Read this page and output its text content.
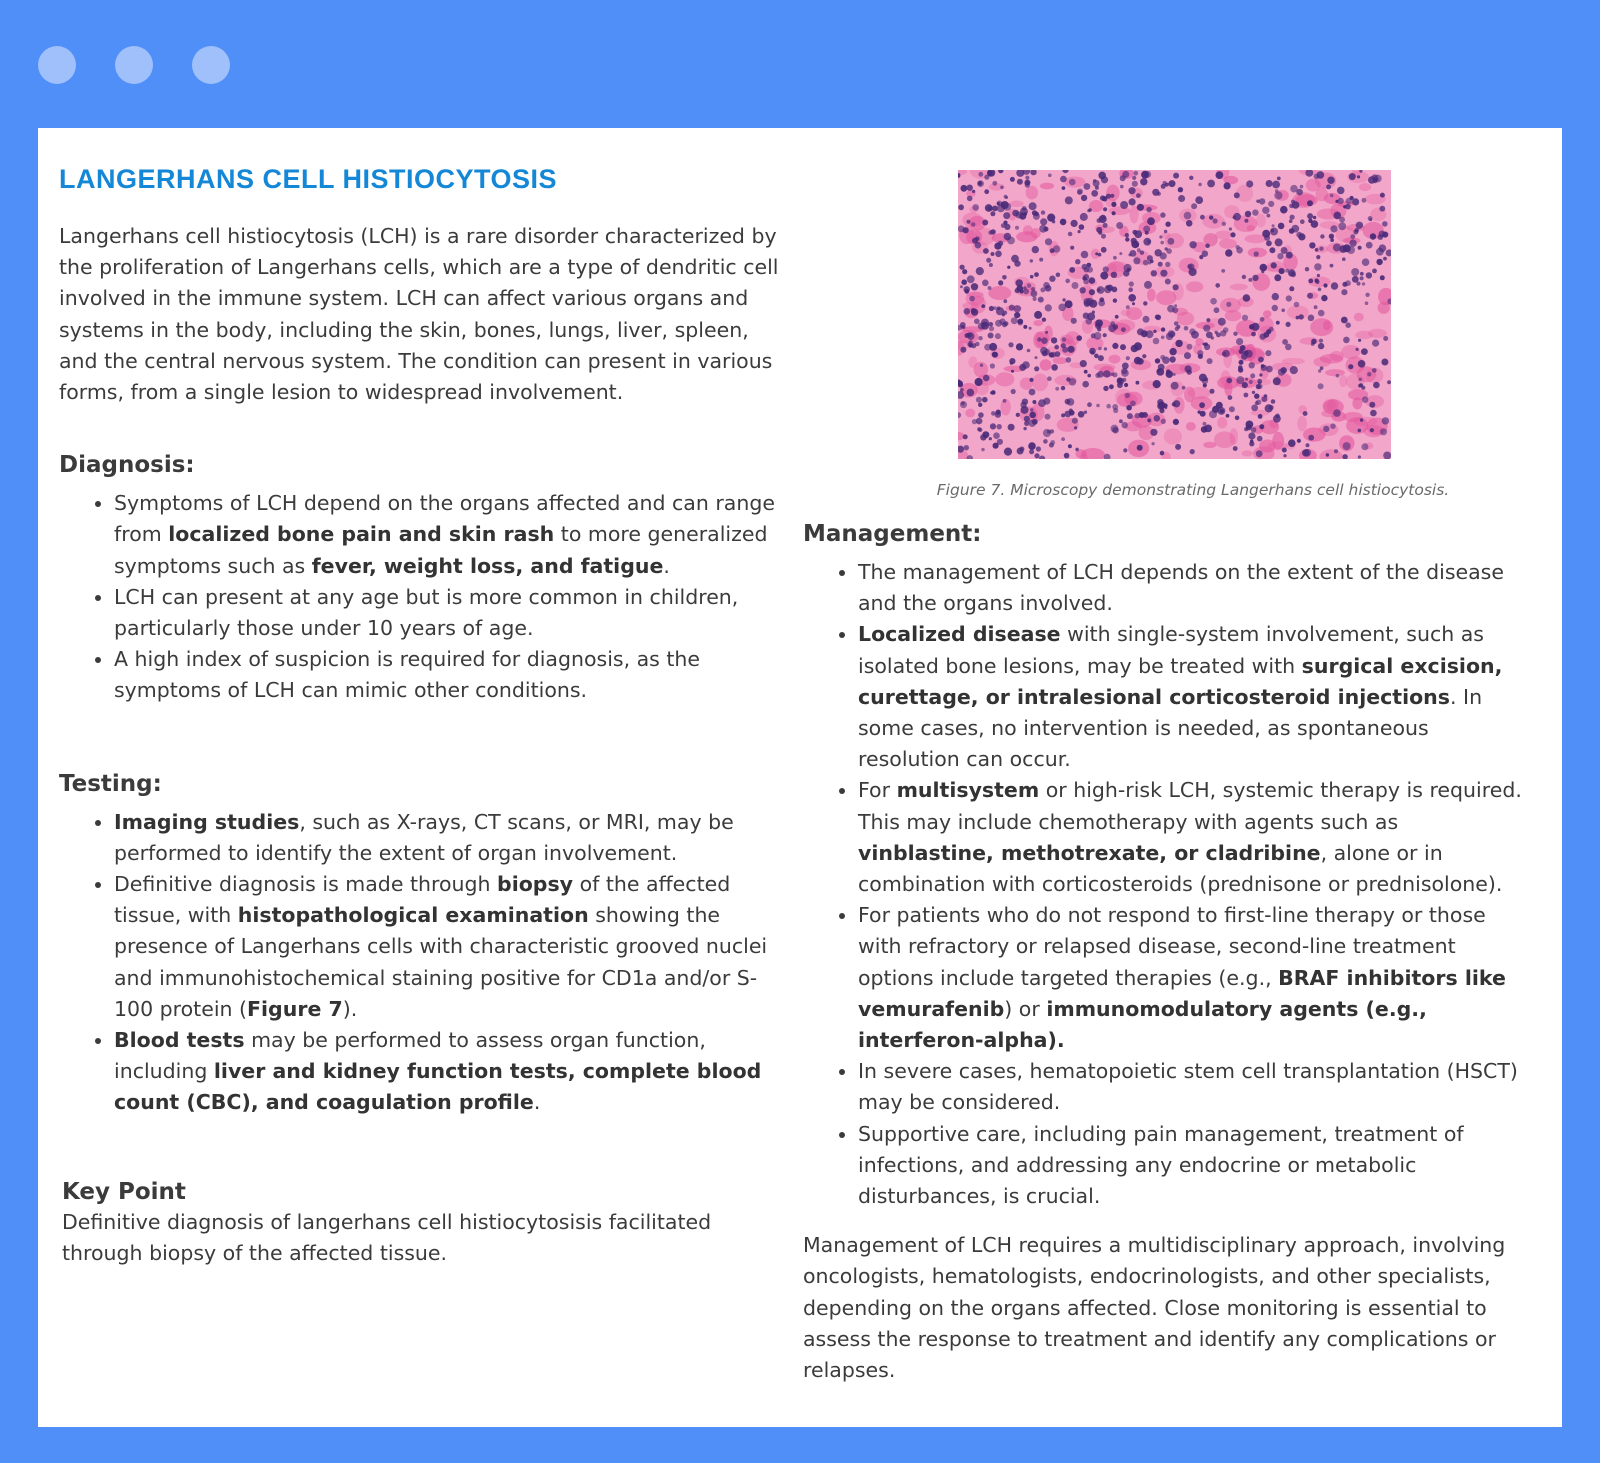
LANGERHANS CELL HISTIOCYTOSIS

Langerhans cell histiocytosis (LCH) is a rare disorder characterized by the proliferation of Langerhans cells, which are a type of dendritic cell involved in the immune system. LCH can affect various organs and systems in the body, including the skin, bones, lungs, liver, spleen, and the central nervous system. The condition can present in various forms, from a single lesion to widespread involvement.

Diagnosis:
• Symptoms of LCH depend on the organs affected and can range from localized bone pain and skin rash to more generalized symptoms such as fever, weight loss, and fatigue.
• LCH can present at any age but is more common in children, particularly those under 10 years of age.
• A high index of suspicion is required for diagnosis, as the symptoms of LCH can mimic other conditions.
Testing:
• Imaging studies, such as X-rays, CT scans, or MRI, may be performed to identify the extent of organ involvement.
• Definitive diagnosis is made through biopsy of the affected tissue, with histopathological examination showing the presence of Langerhans cells with characteristic grooved nuclei and immunohistochemical staining positive for CD1a and/or S-100 protein (Figure 7).
• Blood tests may be performed to assess organ function, including liver and kidney function tests, complete blood count (CBC), and coagulation profile.
Key Point

Definitive diagnosis of langerhans cell histiocytosisis facilitated through biopsy of the affected tissue.

Figure 7. Microscopy demonstrating Langerhans cell histiocytosis.
Management:
• The management of LCH depends on the extent of the disease and the organs involved.
• Localized disease with single-system involvement, such as isolated bone lesions, may be treated with surgical excision, curettage, or intralesional corticosteroid injections. In some cases, no intervention is needed, as spontaneous resolution can occur.
• For multisystem or high-risk LCH, systemic therapy is required. This may include chemotherapy with agents such as vinblastine, methotrexate, or cladribine, alone or in combination with corticosteroids (prednisone or prednisolone).
• For patients who do not respond to first-line therapy or those with refractory or relapsed disease, second-line treatment options include targeted therapies (e.g., BRAF inhibitors like vemurafenib) or immunomodulatory agents (e.g., interferon-alpha).
• In severe cases, hematopoietic stem cell transplantation (HSCT) may be considered.
• Supportive care, including pain management, treatment of infections, and addressing any endocrine or metabolic disturbances, is crucial.

Management of LCH requires a multidisciplinary approach, involving oncologists, hematologists, endocrinologists, and other specialists, depending on the organs affected. Close monitoring is essential to assess the response to treatment and identify any complications or relapses.
